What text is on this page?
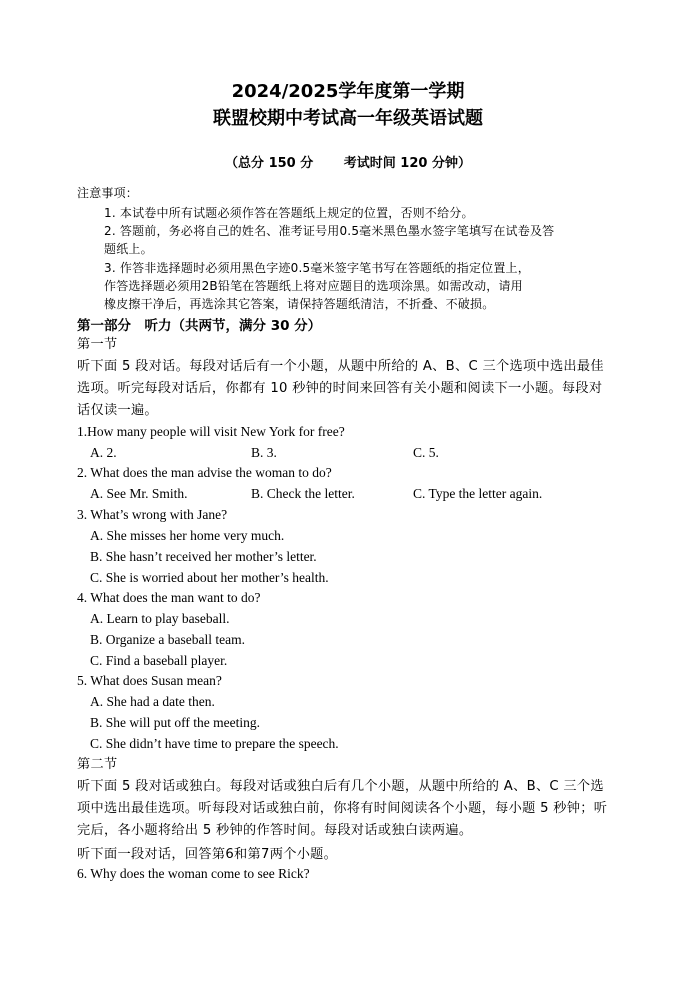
2024/2025学年度第一学期
联盟校期中考试高一年级英语试题
（总分 150 分　　 考试时间 120 分钟）
注意事项：
1. 本试卷中所有试题必须作答在答题纸上规定的位置，否则不给分。
2. 答题前，务必将自己的姓名、准考证号用0.5毫米黑色墨水签字笔填写在试卷及答
题纸上。
3. 作答非选择题时必须用黑色字迹0.5毫米签字笔书写在答题纸的指定位置上，
作答选择题必须用2B铅笔在答题纸上将对应题目的选项涂黑。如需改动，请用
橡皮擦干净后，再选涂其它答案，请保持答题纸清洁，不折叠、不破损。
第一部分　听力（共两节，满分 30 分）
第一节
听下面 5 段对话。每段对话后有一个小题，从题中所给的 A、B、C 三个选项中选出最佳
选项。听完每段对话后，你都有 10 秒钟的时间来回答有关小题和阅读下一小题。每段对
话仅读一遍。
1.How many people will visit New York for free?
A. 2.	B. 3.	C. 5.
2. What does the man advise the woman to do?
A. See Mr. Smith.	B. Check the letter.	C. Type the letter again.
3. What’s wrong with Jane?
A. She misses her home very much.
B. She hasn’t received her mother’s letter.
C. She is worried about her mother’s health.
4. What does the man want to do?
A. Learn to play baseball.
B. Organize a baseball team.
C. Find a baseball player.
5. What does Susan mean?
A. She had a date then.
B. She will put off the meeting.
C. She didn’t have time to prepare the speech.
第二节
听下面 5 段对话或独白。每段对话或独白后有几个小题，从题中所给的 A、B、C 三个选
项中选出最佳选项。听每段对话或独白前，你将有时间阅读各个小题，每小题 5 秒钟；听
完后，各小题将给出 5 秒钟的作答时间。每段对话或独白读两遍。
听下面一段对话，回答第6和第7两个小题。
6. Why does the woman come to see Rick?
